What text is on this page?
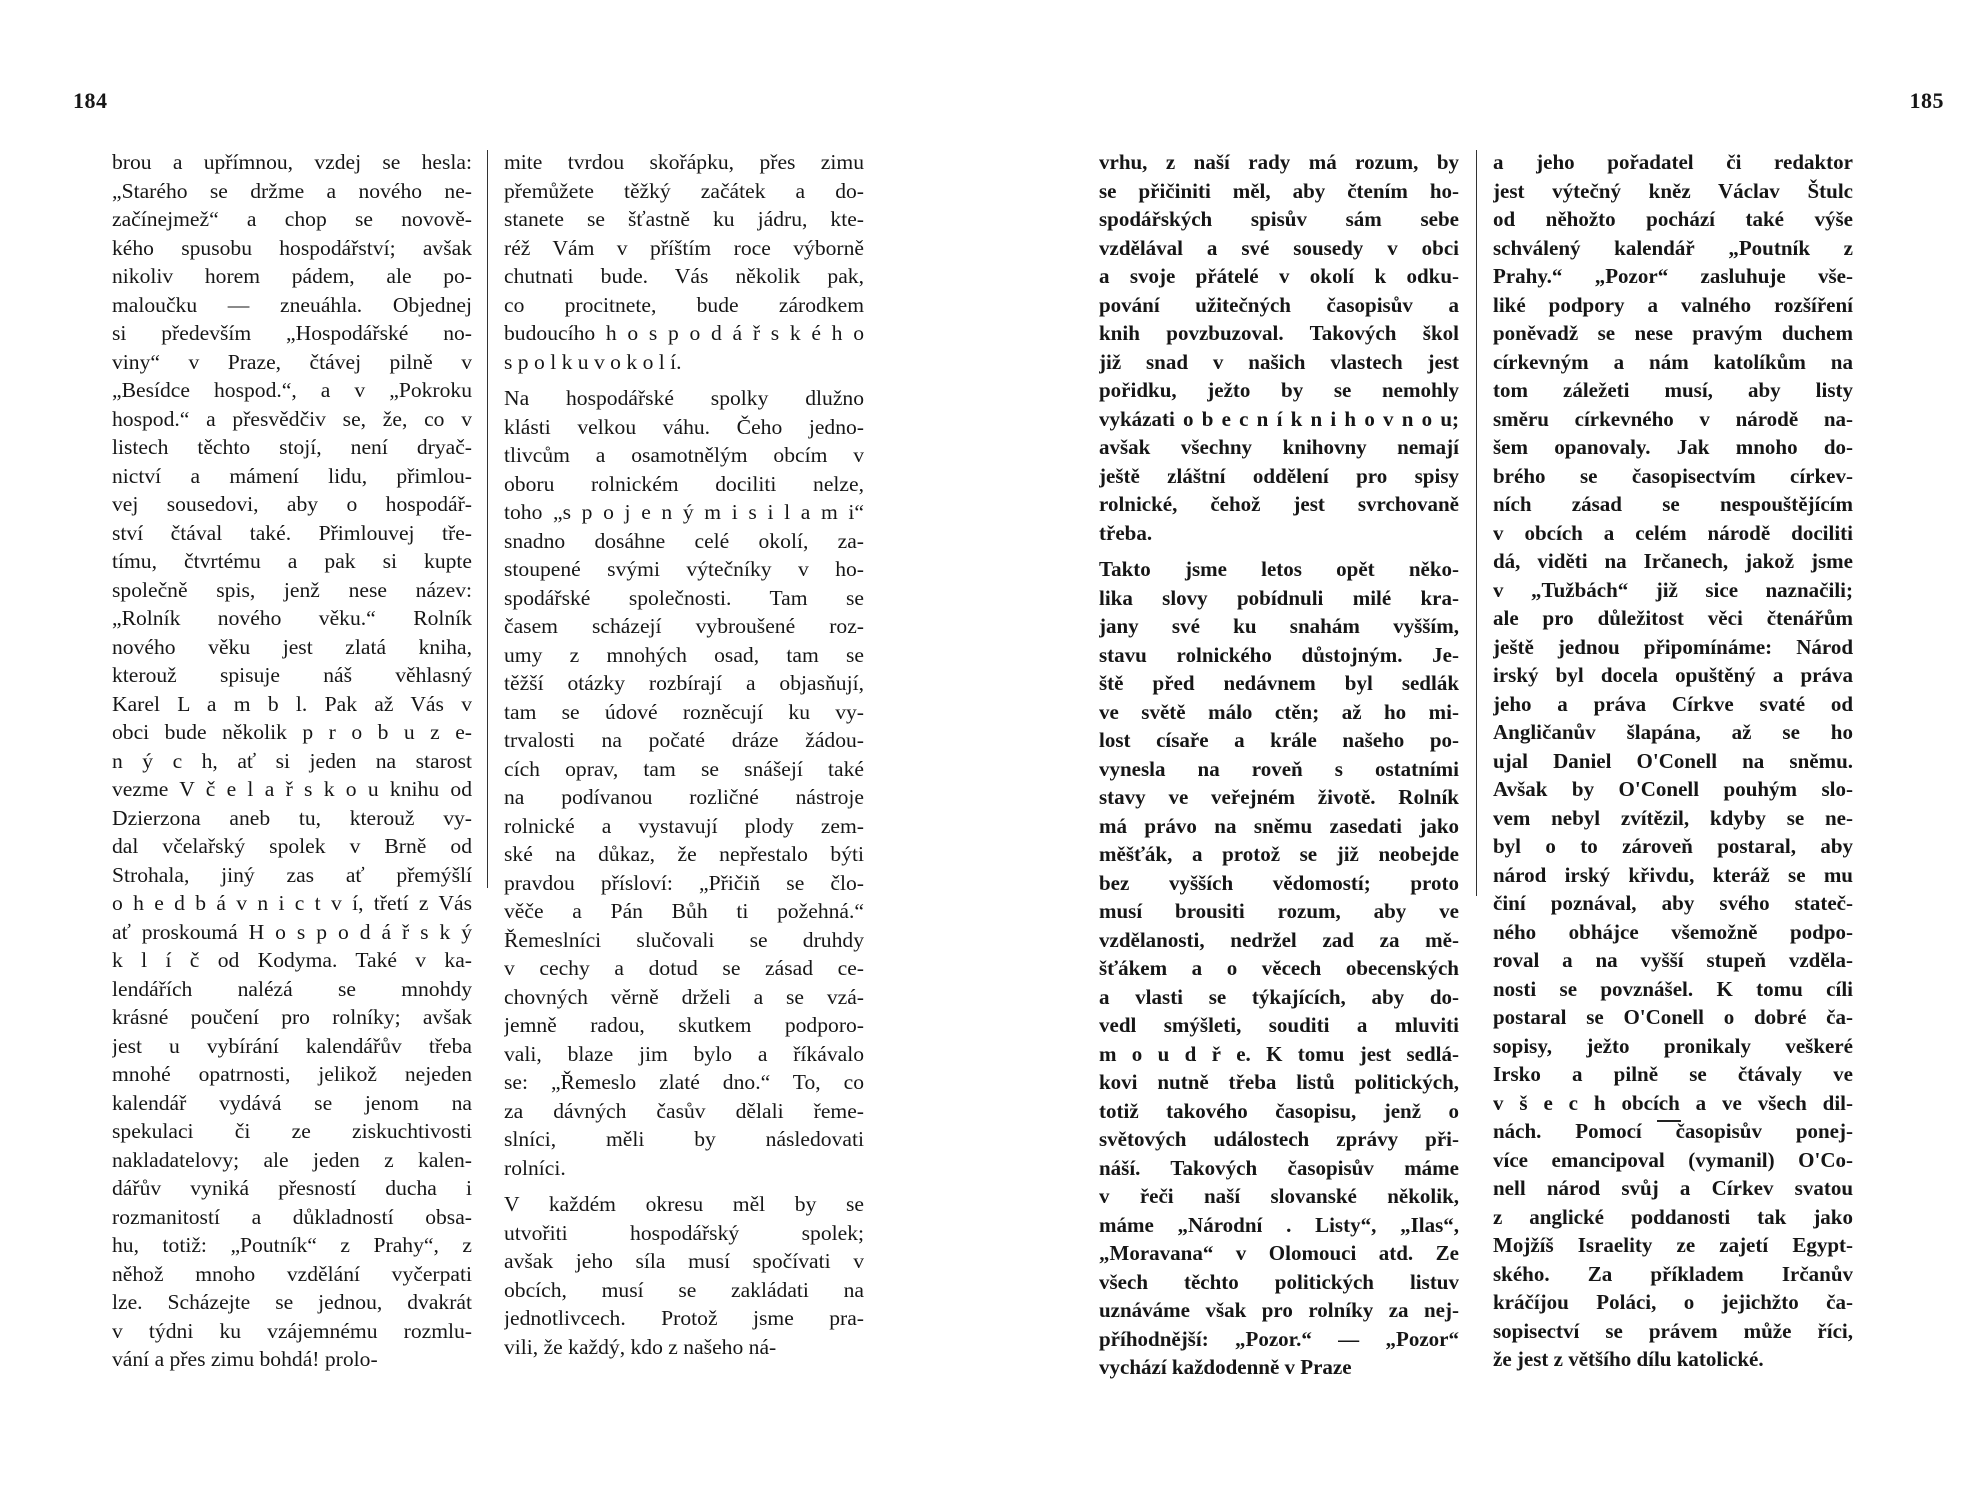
184

brou a upřímnou, vzdej se hesla:

„Starého se držme a nového ne-

začínejmež“ a chop se novově-

kého spusobu hospodářství; avšak

nikoliv horem pádem, ale po-

maloučku — zneuáhla. Objednej

si především „Hospodářské no-

viny“ v Praze, čtávej pilně v

„Besídce hospod.“, a v „Pokroku

hospod.“ a přesvědčiv se, že, co v

listech těchto stojí, není dryač-

nictví a mámení lidu, přimlou-

vej sousedovi, aby o hospodář-

ství čtával také. Přimlouvej tře-

tímu, čtvrtému a pak si kupte

společně spis, jenž nese název:

„Rolník nového věku.“ Rolník

nového věku jest zlatá kniha,

kterouž spisuje náš věhlasný

Karel L a m b l. Pak až Vás v

obci bude několik p r o b u z e-

n ý c h, ať si jeden na starost

vezme V č e l a ř s k o u knihu od

Dzierzona aneb tu, kterouž vy-

dal včelařský spolek v Brně od

Strohala, jiný zas ať přemýšlí

o h e d b á v n i c t v í, třetí z Vás

ať proskoumá H o s p o d á ř s k ý

k l í č od Kodyma. Také v ka-

lendářích nalézá se mnohdy

krásné poučení pro rolníky; avšak

jest u vybírání kalendářův třeba

mnohé opatrnosti, jelikož nejeden

kalendář vydává se jenom na

spekulaci či ze ziskuchtivosti

nakladatelovy; ale jeden z kalen-

dářův vyniká přesností ducha i

rozmanitostí a důkladností obsa-

hu, totiž: „Poutník“ z Prahy“, z

něhož mnoho vzdělání vyčerpati

lze. Scházejte se jednou, dvakrát

v týdni ku vzájemnému rozmlu-

vání a přes zimu bohdá! prolo-

mite tvrdou skořápku, přes zimu

přemůžete těžký začátek a do-

stanete se šťastně ku jádru, kte-

réž Vám v příštím roce výborně

chutnati bude. Vás několik pak,

co procitnete, bude zárodkem

budoucího h o s p o d á ř s k é h o

s p o l k u v o k o l í.

Na hospodářské spolky dlužno

klásti velkou váhu. Čeho jedno-

tlivcům a osamotnělým obcím v

oboru rolnickém dociliti nelze,

toho „s p o j e n ý m i s i l a m i“

snadno dosáhne celé okolí, za-

stoupené svými výtečníky v ho-

spodářské společnosti. Tam se

časem scházejí vybroušené roz-

umy z mnohých osad, tam se

těžší otázky rozbírají a objasňují,

tam se údové rozněcují ku vy-

trvalosti na počaté dráze žádou-

cích oprav, tam se snášejí také

na podívanou rozličné nástroje

rolnické a vystavují plody zem-

ské na důkaz, že nepřestalo býti

pravdou přísloví: „Přičiň se člo-

věče a Pán Bůh ti požehná.“

Řemeslníci slučovali se druhdy

v cechy a dotud se zásad ce-

chovných věrně drželi a se vzá-

jemně radou, skutkem podporo-

vali, blaze jim bylo a říkávalo

se: „Řemeslo zlaté dno.“ To, co

za dávných časův dělali řeme-

slníci, měli by následovati

rolníci.

V každém okresu měl by se

utvořiti hospodářský spolek;

avšak jeho síla musí spočívati v

obcích, musí se zakládati na

jednotlivcech. Protož jsme pra-

vili, že každý, kdo z našeho ná-

185

vrhu, z naší rady má rozum, by

se přičiniti měl, aby čtením ho-

spodářských spisův sám sebe

vzdělával a své sousedy v obci

a svoje přátelé v okolí k odku-

pování užitečných časopisův a

knih povzbuzoval. Takových škol

již snad v našich vlastech jest

pořidku, ježto by se nemohly

vykázati o b e c n í k n i h o v n o u;

avšak všechny knihovny nemají

ještě zláštní oddělení pro spisy

rolnické, čehož jest svrchovaně

třeba.

Takto jsme letos opět něko-

lika slovy pobídnuli milé kra-

jany své ku snahám vyšším,

stavu rolnického důstojným. Je-

ště před nedávnem byl sedlák

ve světě málo ctěn; až ho mi-

lost císaře a krále našeho po-

vynesla na roveň s ostatními

stavy ve veřejném životě. Rolník

má právo na sněmu zasedati jako

měšťák, a protož se již neobejde

bez vyšších vědomostí; proto

musí brousiti rozum, aby ve

vzdělanosti, nedržel zad za mě-

šťákem a o věcech obecenských

a vlasti se týkajících, aby do-

vedl smýšleti, souditi a mluviti

m o u d ř e. K tomu jest sedlá-

kovi nutně třeba listů politických,

totiž takového časopisu, jenž o

světových událostech zprávy při-

náší. Takových časopisův máme

v řeči naší slovanské několik,

máme „Národní . Listy“, „Ilas“,

„Moravana“ v Olomouci atd. Ze

všech těchto politických listuv

uznáváme však pro rolníky za nej-

příhodnější: „Pozor.“ — „Pozor“

vychází každodenně v Praze

a jeho pořadatel či redaktor

jest výtečný kněz Václav Štulc

od něhožto pochází také výše

schválený kalendář „Poutník z

Prahy.“ „Pozor“ zasluhuje vše-

liké podpory a valného rozšíření

poněvadž se nese pravým duchem

církevným a nám katolíkům na

tom záležeti musí, aby listy

směru církevného v národě na-

šem opanovaly. Jak mnoho do-

brého se časopisectvím církev-

ních zásad se nespouštějícím

v obcích a celém národě dociliti

dá, viděti na Irčanech, jakož jsme

v „Tužbách“ již sice naznačili;

ale pro důležitost věci čtenářům

ještě jednou připomínáme: Národ

irský byl docela opuštěný a práva

jeho a práva Církve svaté od

Angličanův šlapána, až se ho

ujal Daniel O'Conell na sněmu.

Avšak by O'Conell pouhým slo-

vem nebyl zvítězil, kdyby se ne-

byl o to zároveň postaral, aby

národ irský křivdu, kteráž se mu

činí poznával, aby svého stateč-

ného obhájce všemožně podpo-

roval a na vyšší stupeň vzděla-

nosti se povznášel. K tomu cíli

postaral se O'Conell o dobré ča-

sopisy, ježto pronikaly veškeré

Irsko a pilně se čtávaly ve

v š e c h obcích a ve všech dil-

nách. Pomocí časopisův ponej-

více emancipoval (vymanil) O'Co-

nell národ svůj a Církev svatou

z anglické poddanosti tak jako

Mojžíš Israelity ze zajetí Egypt-

ského. Za příkladem Irčanův

kráčíjou Poláci, o jejichžto ča-

sopisectví se právem může říci,

že jest z většího dílu katolické.
